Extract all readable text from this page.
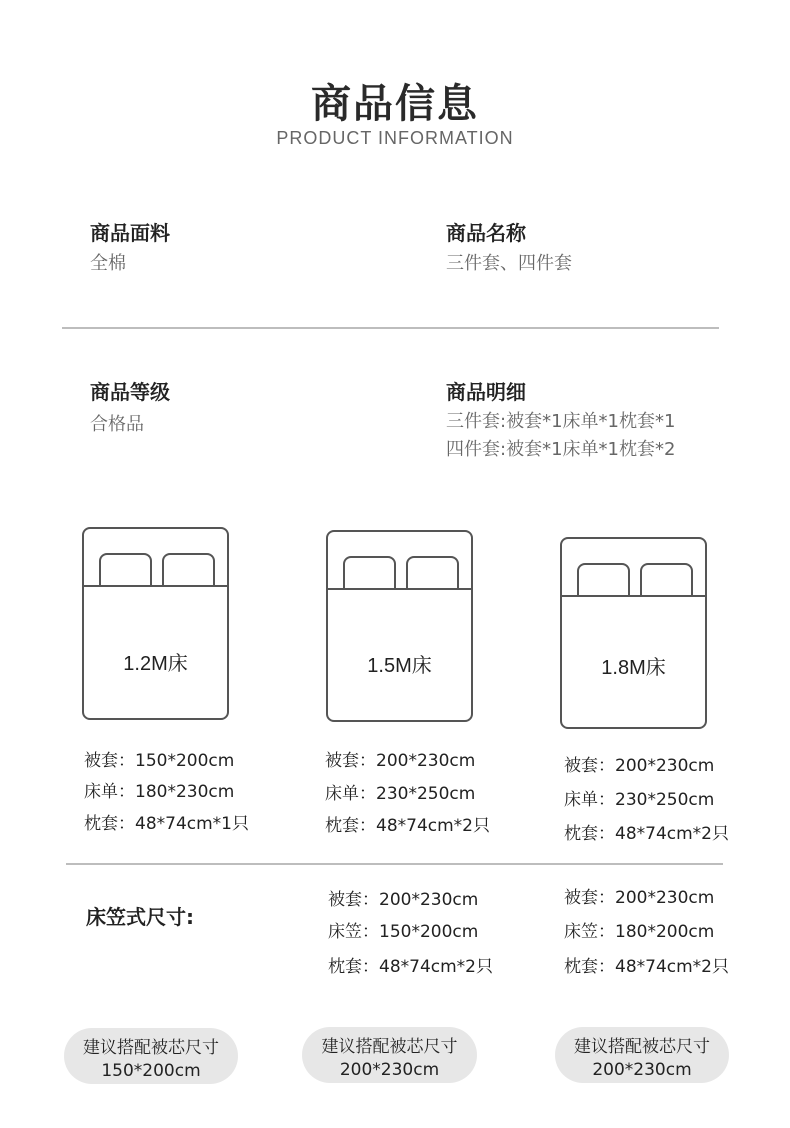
商品信息
PRODUCT INFORMATION
商品面料
全棉
商品名称
三件套、四件套
商品等级
合格品
商品明细
三件套:被套*1床单*1枕套*1
四件套:被套*1床单*1枕套*2
1.2M床	1.5M床	1.8M床
被套：150*200cm
床单：180*230cm
枕套：48*74cm*1只
被套：200*230cm
床单：230*250cm
枕套：48*74cm*2只
被套：200*230cm
床单：230*250cm
枕套：48*74cm*2只
床笠式尺寸:
被套：200*230cm
床笠：150*200cm
枕套：48*74cm*2只
被套：200*230cm
床笠：180*200cm
枕套：48*74cm*2只
建议搭配被芯尺寸
150*200cm
建议搭配被芯尺寸
200*230cm
建议搭配被芯尺寸
200*230cm
